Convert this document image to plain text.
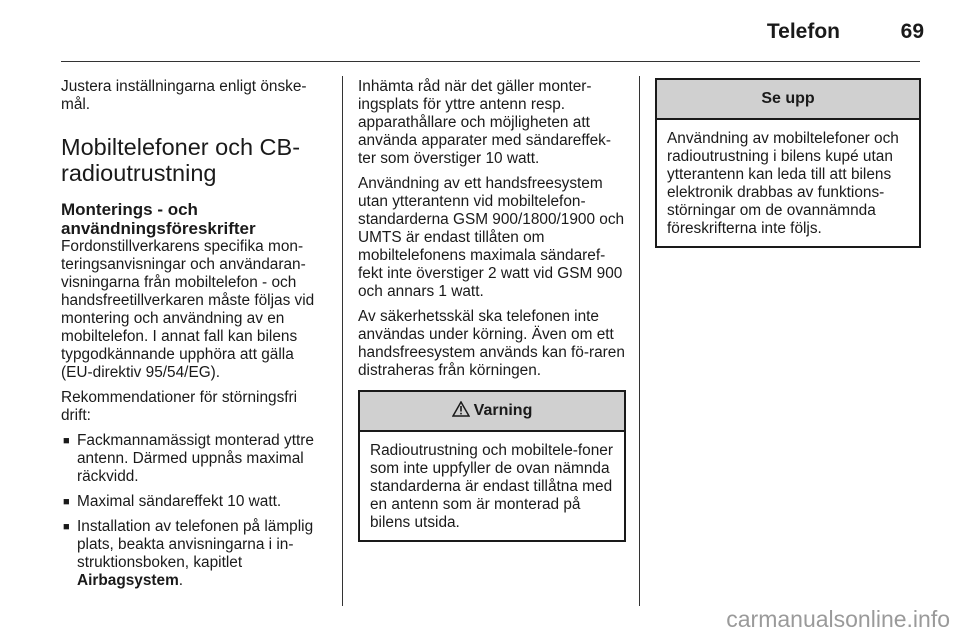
Telefon	69

Justera inställningarna enligt önske-mål.

Mobiltelefoner och CB-radioutrustning
Monterings - och användningsföreskrifter

Fordonstillverkarens specifika mon-teringsanvisningar och användaran-visningarna från mobiltelefon - och handsfreetillverkaren måste följas vid montering och användning av en mobiltelefon. I annat fall kan bilens typgodkännande upphöra att gälla (EU-direktiv 95/54/EG).

Rekommendationer för störningsfri drift:

■ Fackmannamässigt monterad yttre antenn. Därmed uppnås maximal räckvidd.
■ Maximal sändareffekt 10 watt.
■ Installation av telefonen på lämplig plats, beakta anvisningarna i in-struktionsboken, kapitlet Airbagsystem.

Inhämta råd när det gäller monter-ingsplats för yttre antenn resp. apparathållare och möjligheten att använda apparater med sändareffek-ter som överstiger 10 watt.

Användning av ett handsfreesystem utan ytterantenn vid mobiltelefon-standarderna GSM 900/1800/1900 och UMTS är endast tillåten om mobiltelefonens maximala sändaref-fekt inte överstiger 2 watt vid GSM 900 och annars 1 watt.

Av säkerhetsskäl ska telefonen inte användas under körning. Även om ett handsfreesystem används kan fö-raren distraheras från körningen.

Varning
Radioutrustning och mobiltele-foner som inte uppfyller de ovan nämnda standarderna är endast tillåtna med en antenn som är monterad på bilens utsida.
Se upp
Användning av mobiltelefoner och radioutrustning i bilens kupé utan ytterantenn kan leda till att bilens elektronik drabbas av funktions-störningar om de ovannämnda föreskrifterna inte följs.
carmanualsonline.info
